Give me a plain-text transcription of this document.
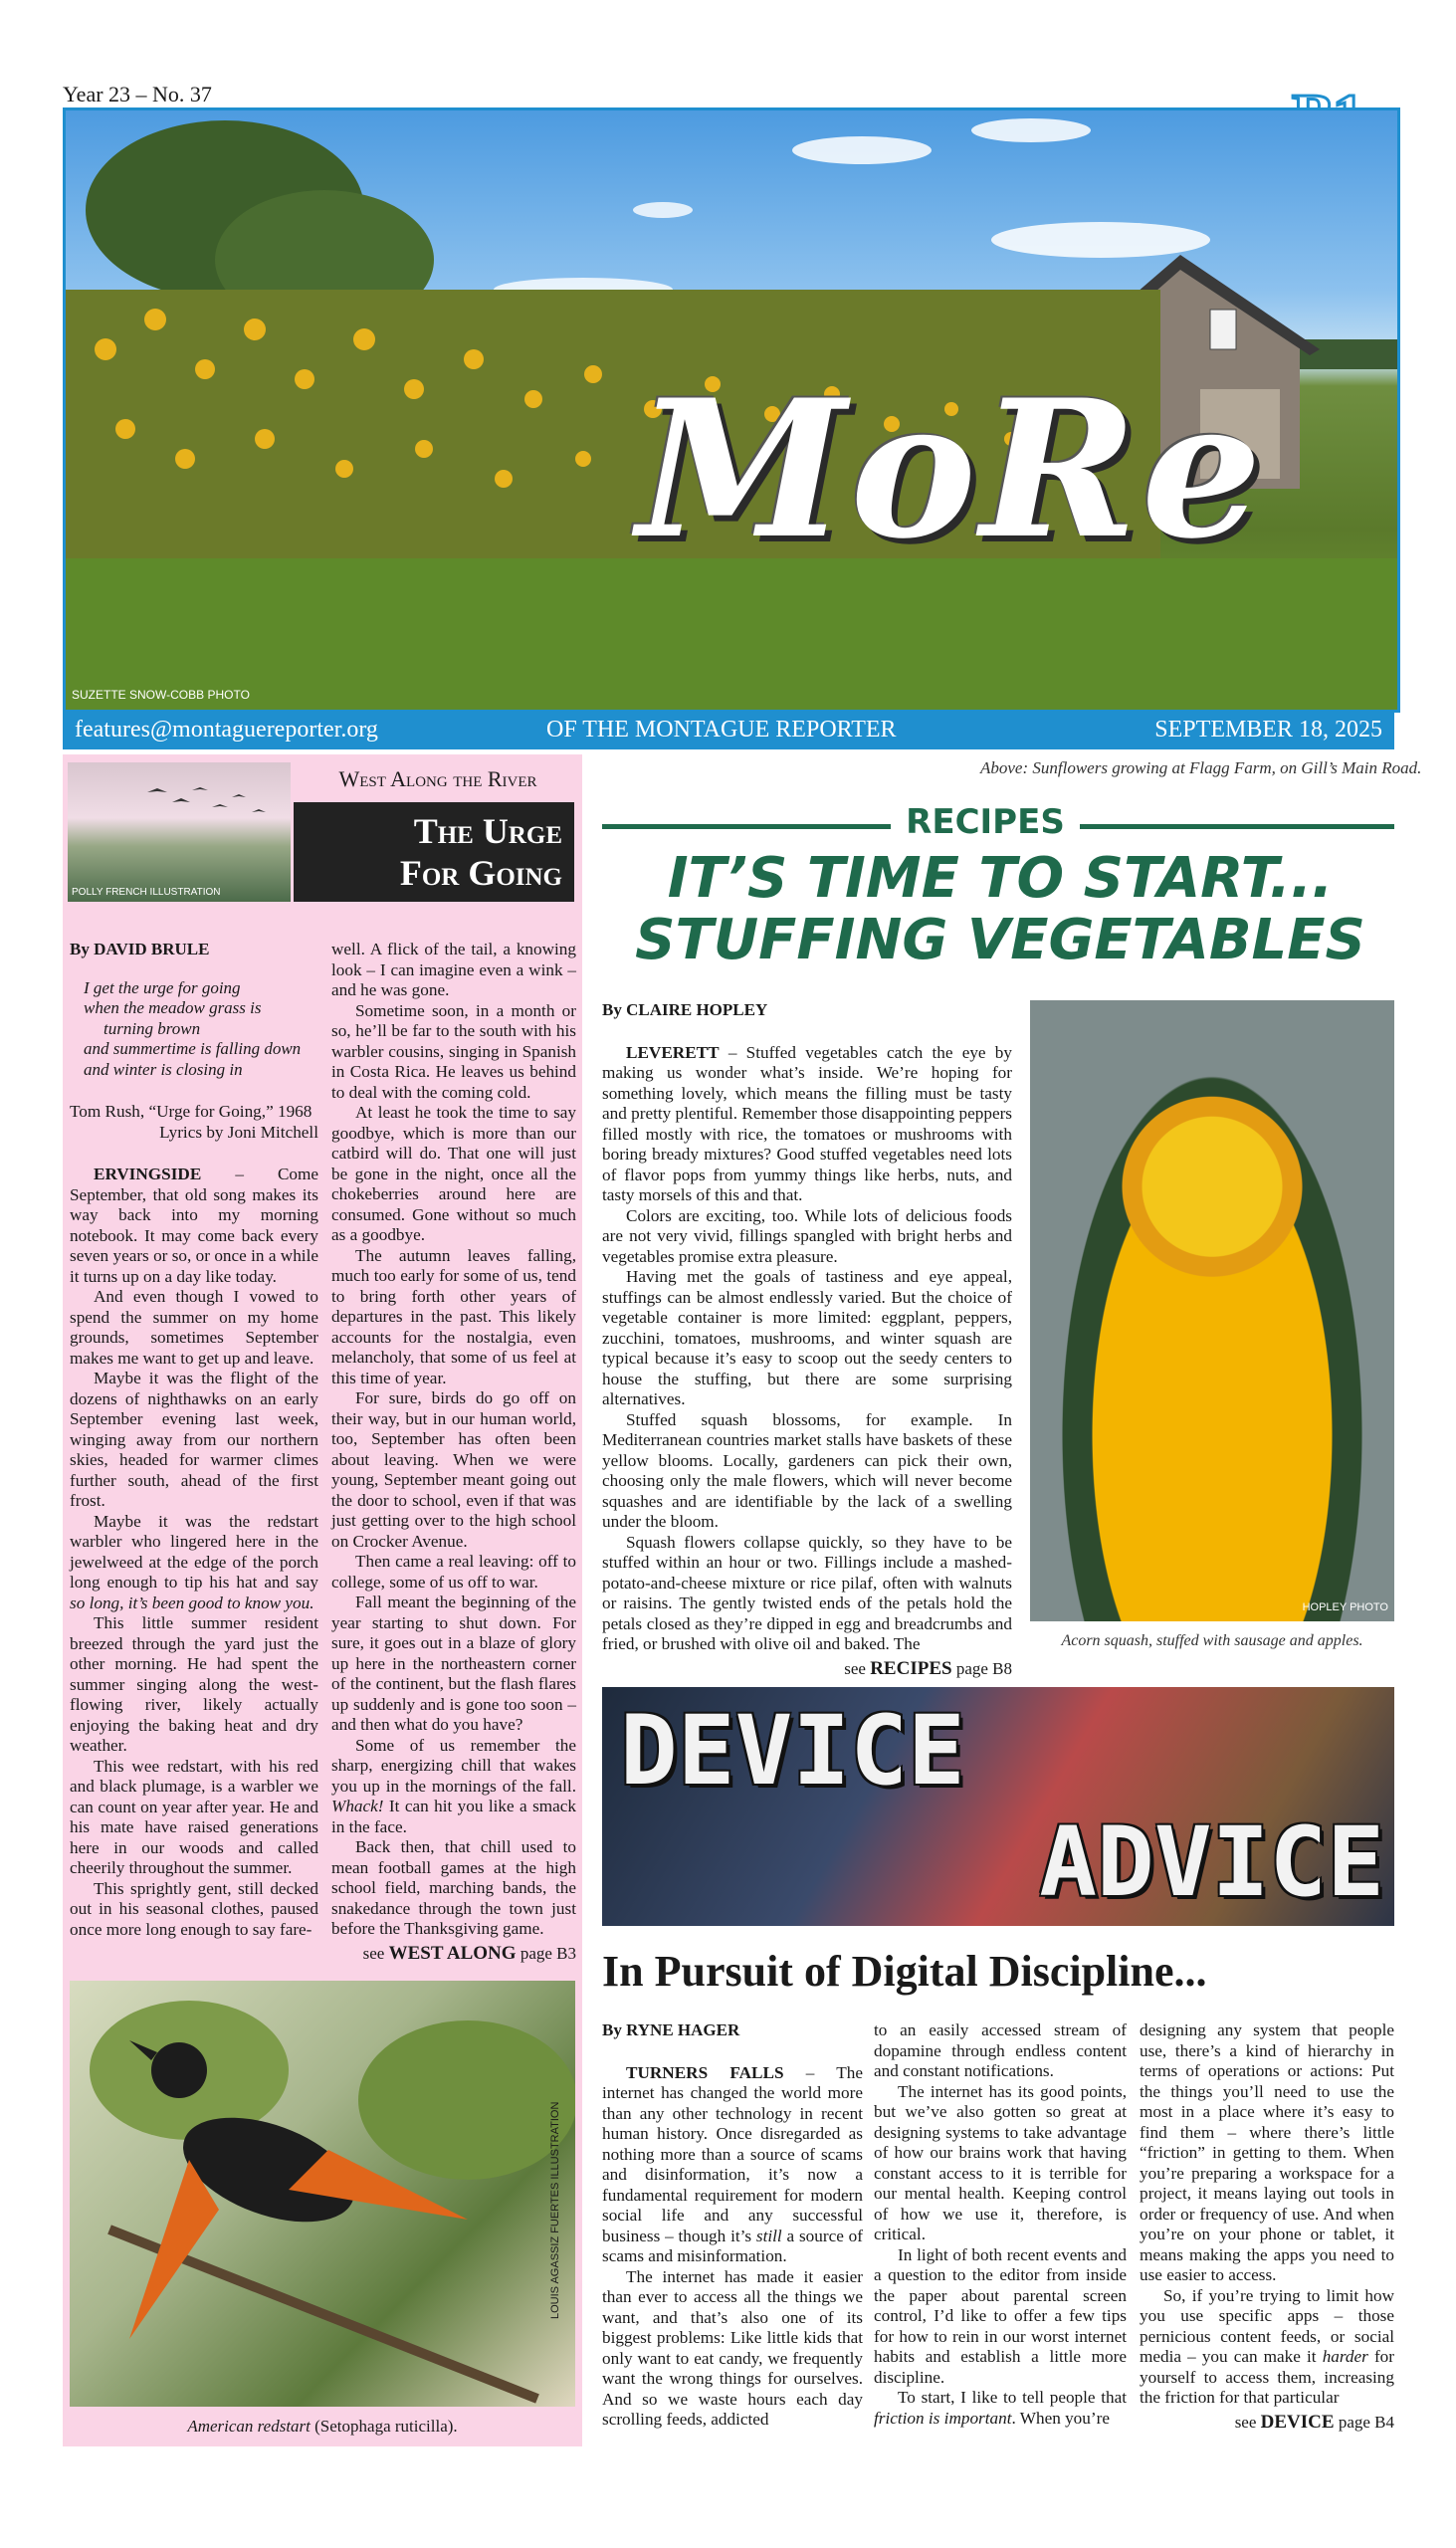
Year 23 – No. 37
SUZETTE SNOW-COBB PHOTO
MoRe
features@montaguereporter.org	OF THE MONTAGUE REPORTER	SEPTEMBER 18, 2025
Above: Sunflowers growing at Flagg Farm, on Gill’s Main Road.
POLLY FRENCH ILLUSTRATION
West Along the River
The Urge
For Going
By DAVID BRULE
I get the urge for going
when the meadow grass is
turning brown
and summertime is falling down
and winter is closing in
Tom Rush, “Urge for Going,” 1968
Lyrics by Joni Mitchell

ERVINGSIDE – Come September, that old song makes its way back into my morning notebook. It may come back every seven years or so, or once in a while it turns up on a day like today.

And even though I vowed to spend the summer on my home grounds, sometimes September makes me want to get up and leave.

Maybe it was the flight of the dozens of nighthawks on an early September evening last week, winging away from our northern skies, headed for warmer climes further south, ahead of the first frost.

Maybe it was the redstart warbler who lingered here in the jewelweed at the edge of the porch long enough to tip his hat and say so long, it’s been good to know you.

This little summer resident breezed through the yard just the other morning. He had spent the summer singing along the west-flowing river, likely actually enjoying the baking heat and dry weather.

This wee redstart, with his red and black plumage, is a warbler we can count on year after year. He and his mate have raised generations here in our woods and called cheerily throughout the summer.

This sprightly gent, still decked out in his seasonal clothes, paused once more long enough to say fare-

well. A flick of the tail, a knowing look – I can imagine even a wink – and he was gone.

Sometime soon, in a month or so, he’ll be far to the south with his warbler cousins, singing in Spanish in Costa Rica. He leaves us behind to deal with the coming cold.

At least he took the time to say goodbye, which is more than our catbird will do. That one will just be gone in the night, once all the chokeberries around here are consumed. Gone without so much as a goodbye.

The autumn leaves falling, much too early for some of us, tend to bring forth other years of departures in the past. This likely accounts for the nostalgia, even melancholy, that some of us feel at this time of year.

For sure, birds do go off on their way, but in our human world, too, September has often been about leaving. When we were young, September meant going out the door to school, even if that was just getting over to the high school on Crocker Avenue.

Then came a real leaving: off to college, some of us off to war.

Fall meant the beginning of the year starting to shut down. For sure, it goes out in a blaze of glory up here in the northeastern corner of the continent, but the flash flares up suddenly and is gone too soon – and then what do you have?

Some of us remember the sharp, energizing chill that wakes you up in the mornings of the fall. Whack! It can hit you like a smack in the face.

Back then, that chill used to mean football games at the high school field, marching bands, the snakedance through the town just before the Thanksgiving game.

see WEST ALONG page B3
LOUIS AGASSIZ FUERTES ILLUSTRATION
American redstart (Setophaga ruticilla).
RECIPES
IT’S TIME TO START...
STUFFING VEGETABLES
By CLAIRE HOPLEY

LEVERETT – Stuffed vegetables catch the eye by making us wonder what’s inside. We’re hoping for something lovely, which means the filling must be tasty and pretty plentiful. Remember those disappointing peppers filled mostly with rice, the tomatoes or mushrooms with boring bready mixtures? Good stuffed vegetables need lots of flavor pops from yummy things like herbs, nuts, and tasty morsels of this and that.

Colors are exciting, too. While lots of delicious foods are not very vivid, fillings spangled with bright herbs and vegetables promise extra pleasure.

Having met the goals of tastiness and eye appeal, stuffings can be almost endlessly varied. But the choice of vegetable container is more limited: eggplant, peppers, zucchini, tomatoes, mushrooms, and winter squash are typical because it’s easy to scoop out the seedy centers to house the stuffing, but there are some surprising alternatives.

Stuffed squash blossoms, for example. In Mediterranean countries market stalls have baskets of these yellow blooms. Locally, gardeners can pick their own, choosing only the male flowers, which will never become squashes and are identifiable by the lack of a swelling under the bloom.

Squash flowers collapse quickly, so they have to be stuffed within an hour or two. Fillings include a mashed-potato-and-cheese mixture or rice pilaf, often with walnuts or raisins. The gently twisted ends of the petals hold the petals closed as they’re dipped in egg and breadcrumbs and fried, or brushed with olive oil and baked. The

see RECIPES page B8
HOPLEY PHOTO
Acorn squash, stuffed with sausage and apples.
DEVICE
ADVICE
In Pursuit of Digital Discipline...
By RYNE HAGER

TURNERS FALLS – The internet has changed the world more than any other technology in recent human history. Once disregarded as nothing more than a source of scams and disinformation, it’s now a fundamental requirement for modern social life and any successful business – though it’s still a source of scams and misinformation.

The internet has made it easier than ever to access all the things we want, and that’s also one of its biggest problems: Like little kids that only want to eat candy, we frequently want the wrong things for ourselves. And so we waste hours each day scrolling feeds, addicted

to an easily accessed stream of dopamine through endless content and constant notifications.

The internet has its good points, but we’ve also gotten so great at designing systems to take advantage of how our brains work that having constant access to it is terrible for our mental health. Keeping control of how we use it, therefore, is critical.

In light of both recent events and a question to the editor from inside the paper about parental screen control, I’d like to offer a few tips for how to rein in our worst internet habits and establish a little more discipline.

To start, I like to tell people that friction is important. When you’re

designing any system that people use, there’s a kind of hierarchy in terms of operations or actions: Put the things you’ll need to use the most in a place where it’s easy to find them – where there’s little “friction” in getting to them. When you’re preparing a workspace for a project, it means laying out tools in order or frequency of use. And when you’re on your phone or tablet, it means making the apps you need to use easier to access.

So, if you’re trying to limit how you use specific apps – those pernicious content feeds, or social media – you can make it harder for yourself to access them, increasing the friction for that particular

see DEVICE page B4
